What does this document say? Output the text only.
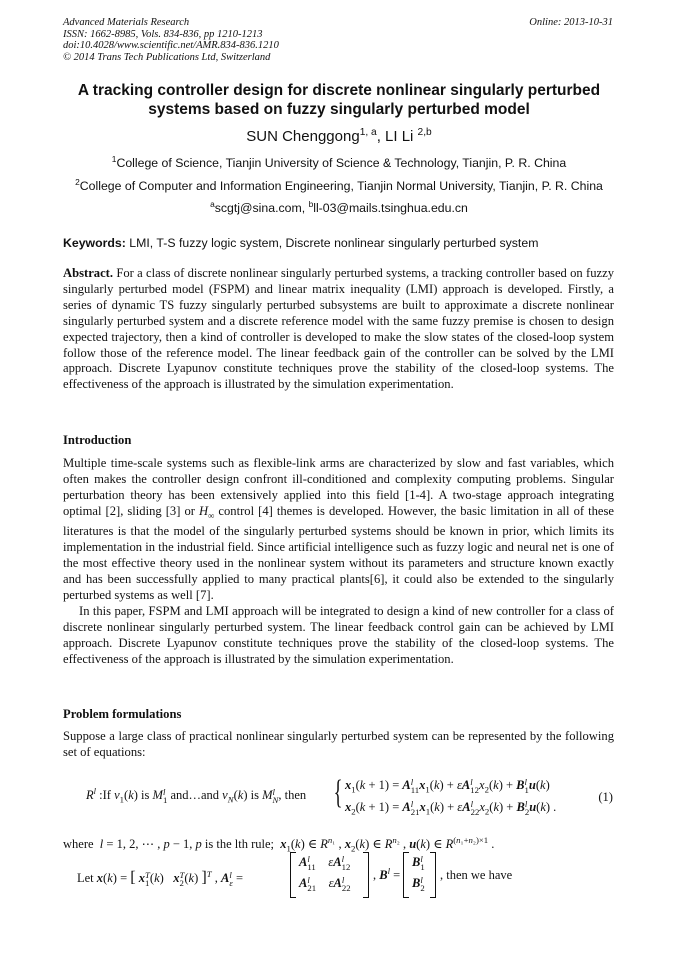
Advanced Materials Research
ISSN: 1662-8985, Vols. 834-836, pp 1210-1213
doi:10.4028/www.scientific.net/AMR.834-836.1210
© 2014 Trans Tech Publications Ltd, Switzerland
Online: 2013-10-31
A tracking controller design for discrete nonlinear singularly perturbed
systems based on fuzzy singularly perturbed model
SUN Chenggong$^{1, a}$, LI Li $^{2,b}$
$^1$College of Science, Tianjin University of Science & Technology, Tianjin, P. R. China
$^2$College of Computer and Information Engineering, Tianjin Normal University, Tianjin, P. R. China
$^a$scgtj@sina.com, $^b$ll-03@mails.tsinghua.edu.cn
Keywords: LMI, T-S fuzzy logic system, Discrete nonlinear singularly perturbed system
Abstract. For a class of discrete nonlinear singularly perturbed systems, a tracking controller based on fuzzy singularly perturbed model (FSPM) and linear matrix inequality (LMI) approach is developed. Firstly, a series of dynamic TS fuzzy singularly perturbed subsystems are built to approximate a discrete nonlinear singularly perturbed system and a discrete reference model with the same fuzzy premise is chosen to design expected trajectory, then a kind of controller is developed to make the slow states of the closed-loop system follow those of the reference model. The linear feedback gain of the controller can be solved by the LMI approach. Discrete Lyapunov constitute techniques prove the stability of the closed-loop systems. The effectiveness of the approach is illustrated by the simulation experimentation.
Introduction
Multiple time-scale systems such as flexible-link arms are characterized by slow and fast variables, which often makes the controller design confront ill-conditioned and complexity computing problems. Singular perturbation theory has been extensively applied into this field [1-4]. A two-stage approach integrating optimal [2], sliding [3] or $H_\infty$ control [4] themes is developed. However, the basic limitation in all of these literatures is that the model of the singularly perturbed systems should be known in prior, which limits its implementation in the industrial field. Since artificial intelligence such as fuzzy logic and neural net is one of the most effective theory used in the nonlinear system without its parameters and structure known exactly and has been successfully applied to many practical plants[6], it could also be extended to the singularly perturbed systems as well [7].
In this paper, FSPM and LMI approach will be integrated to design a kind of new controller for a class of discrete nonlinear singularly perturbed system. The linear feedback control gain can be achieved by LMI approach. Discrete Lyapunov constitute techniques prove the stability of the closed-loop systems. The effectiveness of the approach is illustrated by the simulation experimentation.
Problem formulations
Suppose a large class of practical nonlinear singularly perturbed system can be represented by the following set of equations:
$R^l$ :If $v_1(k)$ is Ml
1 and…and $v_N(k)$ is Ml
N, then { $x_1(k + 1) = Al$
$11x_1(k) + \varepsilon Al$
$12x_2(k) + Bl$
1u(k)
$x_2(k + 1) = Al$
$21x_1(k) + \varepsilon Al$
$22x_2(k) + Bl$
2u(k) .
(1)
where l = 1, 2, ⋯ , p − 1, p is the lth rule; $x_1(k)$ ∈ $R^{n_1}$ , $x_2(k)$ ∈ $R^{n_2}$ , u(k) ∈ $R^{(n_1+n_2)\times 1}$ .
Let x(k) = [ xT
1(k)   xT
2(k) ]$^T$ , Al
ε =
Al
11 εAl
12
Al
21 εAl
22
, $B^l$ =
Bl
1
Bl
2
, then we have
